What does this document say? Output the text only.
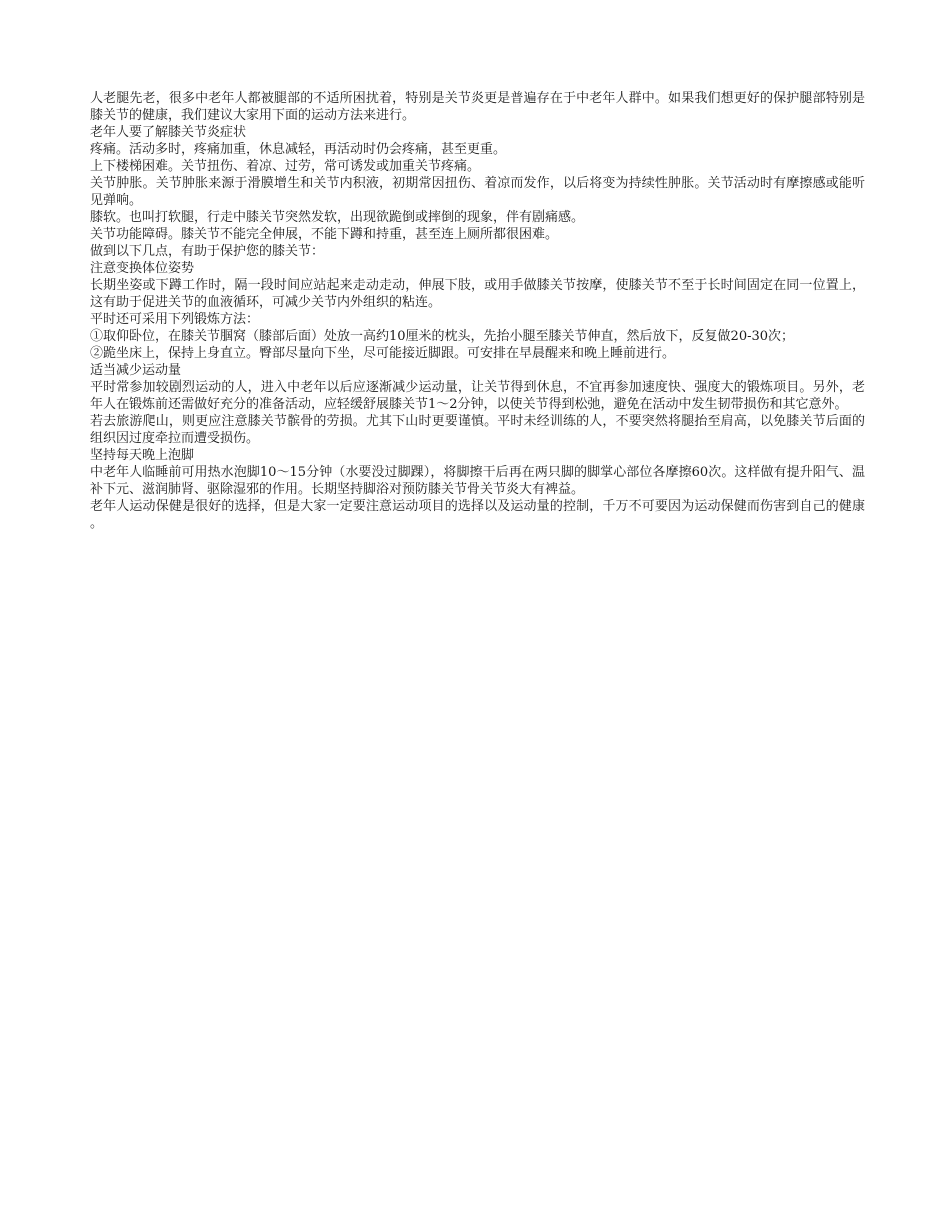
人老腿先老，很多中老年人都被腿部的不适所困扰着，特别是关节炎更是普遍存在于中老年人群中。如果我们想更好的保护腿部特别是膝关节的健康，我们建议大家用下面的运动方法来进行。

老年人要了解膝关节炎症状

疼痛。活动多时，疼痛加重，休息减轻，再活动时仍会疼痛，甚至更重。

上下楼梯困难。关节扭伤、着凉、过劳，常可诱发或加重关节疼痛。

关节肿胀。关节肿胀来源于滑膜增生和关节内积液，初期常因扭伤、着凉而发作，以后将变为持续性肿胀。关节活动时有摩擦感或能听见弹响。

膝软。也叫打软腿，行走中膝关节突然发软，出现欲跪倒或摔倒的现象，伴有剧痛感。

关节功能障碍。膝关节不能完全伸展，不能下蹲和持重，甚至连上厕所都很困难。

做到以下几点，有助于保护您的膝关节：

注意变换体位姿势

长期坐姿或下蹲工作时，隔一段时间应站起来走动走动，伸展下肢，或用手做膝关节按摩，使膝关节不至于长时间固定在同一位置上，这有助于促进关节的血液循环，可减少关节内外组织的粘连。

平时还可采用下列锻炼方法：

①取仰卧位，在膝关节腘窝（膝部后面）处放一高约10厘米的枕头，先抬小腿至膝关节伸直，然后放下，反复做20-30次；

②跪坐床上，保持上身直立。臀部尽量向下坐，尽可能接近脚跟。可安排在早晨醒来和晚上睡前进行。

适当减少运动量

平时常参加较剧烈运动的人，进入中老年以后应逐渐减少运动量，让关节得到休息，不宜再参加速度快、强度大的锻炼项目。另外，老年人在锻炼前还需做好充分的准备活动，应轻缓舒展膝关节1～2分钟，以使关节得到松弛，避免在活动中发生韧带损伤和其它意外。

若去旅游爬山，则更应注意膝关节髌骨的劳损。尤其下山时更要谨慎。平时未经训练的人，不要突然将腿抬至肩高，以免膝关节后面的组织因过度牵拉而遭受损伤。

坚持每天晚上泡脚

中老年人临睡前可用热水泡脚10～15分钟（水要没过脚踝），将脚擦干后再在两只脚的脚掌心部位各摩擦60次。这样做有提升阳气、温补下元、滋润肺肾、驱除湿邪的作用。长期坚持脚浴对预防膝关节骨关节炎大有裨益。

老年人运动保健是很好的选择，但是大家一定要注意运动项目的选择以及运动量的控制，千万不可要因为运动保健而伤害到自己的健康。
